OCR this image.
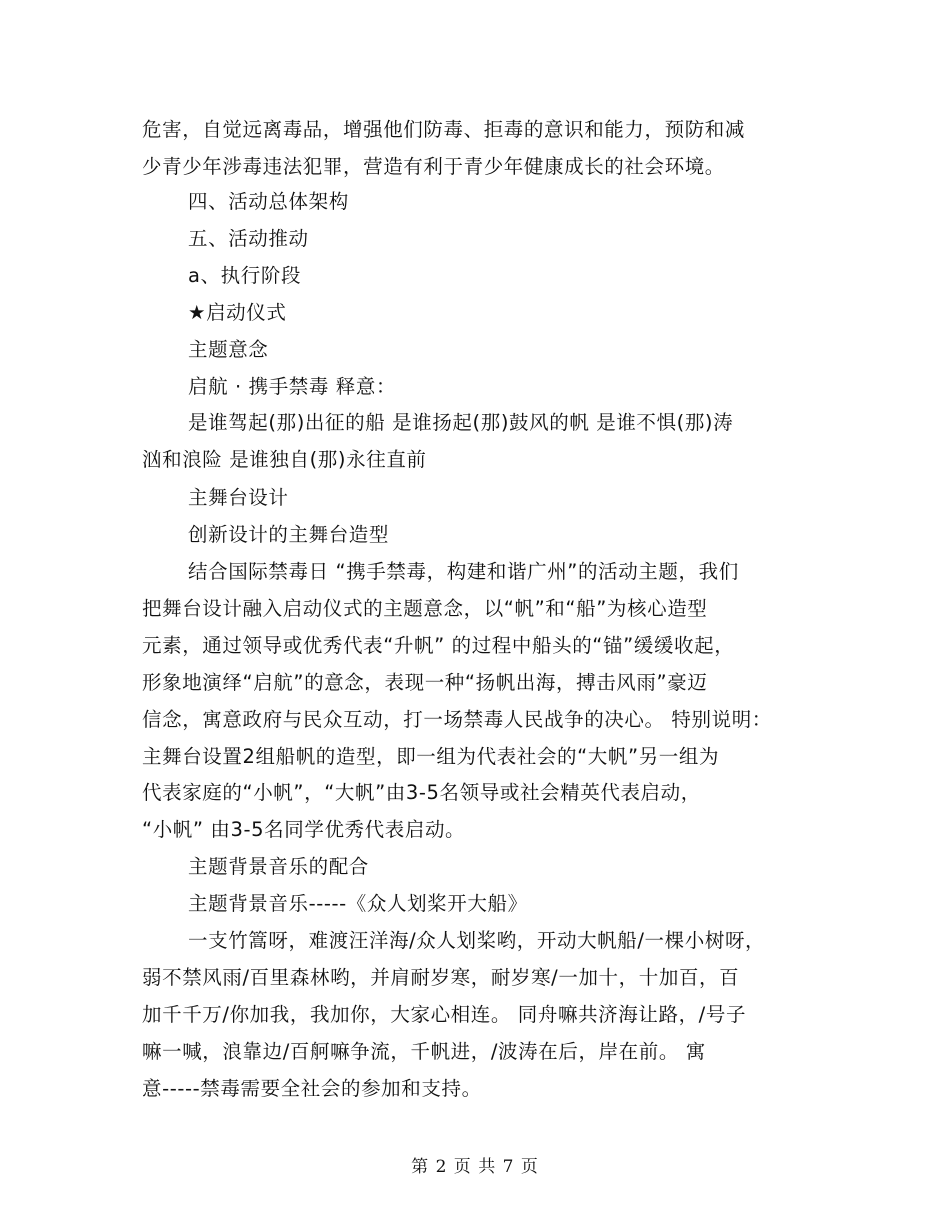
危害，自觉远离毒品，增强他们防毒、拒毒的意识和能力，预防和减
少青少年涉毒违法犯罪，营造有利于青少年健康成长的社会环境。
四、活动总体架构
五、活动推动
a、执行阶段
★启动仪式
主题意念
启航 · 携手禁毒 释意：
是谁驾起(那)出征的船 是谁扬起(那)鼓风的帆 是谁不惧(那)涛
汹和浪险 是谁独自(那)永往直前
主舞台设计
创新设计的主舞台造型
结合国际禁毒日 “携手禁毒，构建和谐广州”的活动主题，我们
把舞台设计融入启动仪式的主题意念，以“帆”和“船”为核心造型
元素，通过领导或优秀代表“升帆” 的过程中船头的“锚”缓缓收起，
形象地演绎“启航”的意念，表现一种“扬帆出海，搏击风雨”豪迈
信念，寓意政府与民众互动，打一场禁毒人民战争的决心。 特别说明：
主舞台设置2组船帆的造型，即一组为代表社会的“大帆”另一组为
代表家庭的“小帆”，“大帆”由3-5名领导或社会精英代表启动，
“小帆” 由3-5名同学优秀代表启动。
主题背景音乐的配合
主题背景音乐-----《众人划桨开大船》
一支竹篙呀，难渡汪洋海/众人划桨哟，开动大帆船/一棵小树呀，
弱不禁风雨/百里森林哟，并肩耐岁寒，耐岁寒/一加十，十加百，百
加千千万/你加我，我加你，大家心相连。 同舟嘛共济海让路，/号子
嘛一喊，浪靠边/百舸嘛争流，千帆进，/波涛在后，岸在前。 寓
意-----禁毒需要全社会的参加和支持。
第 2 页 共 7 页
